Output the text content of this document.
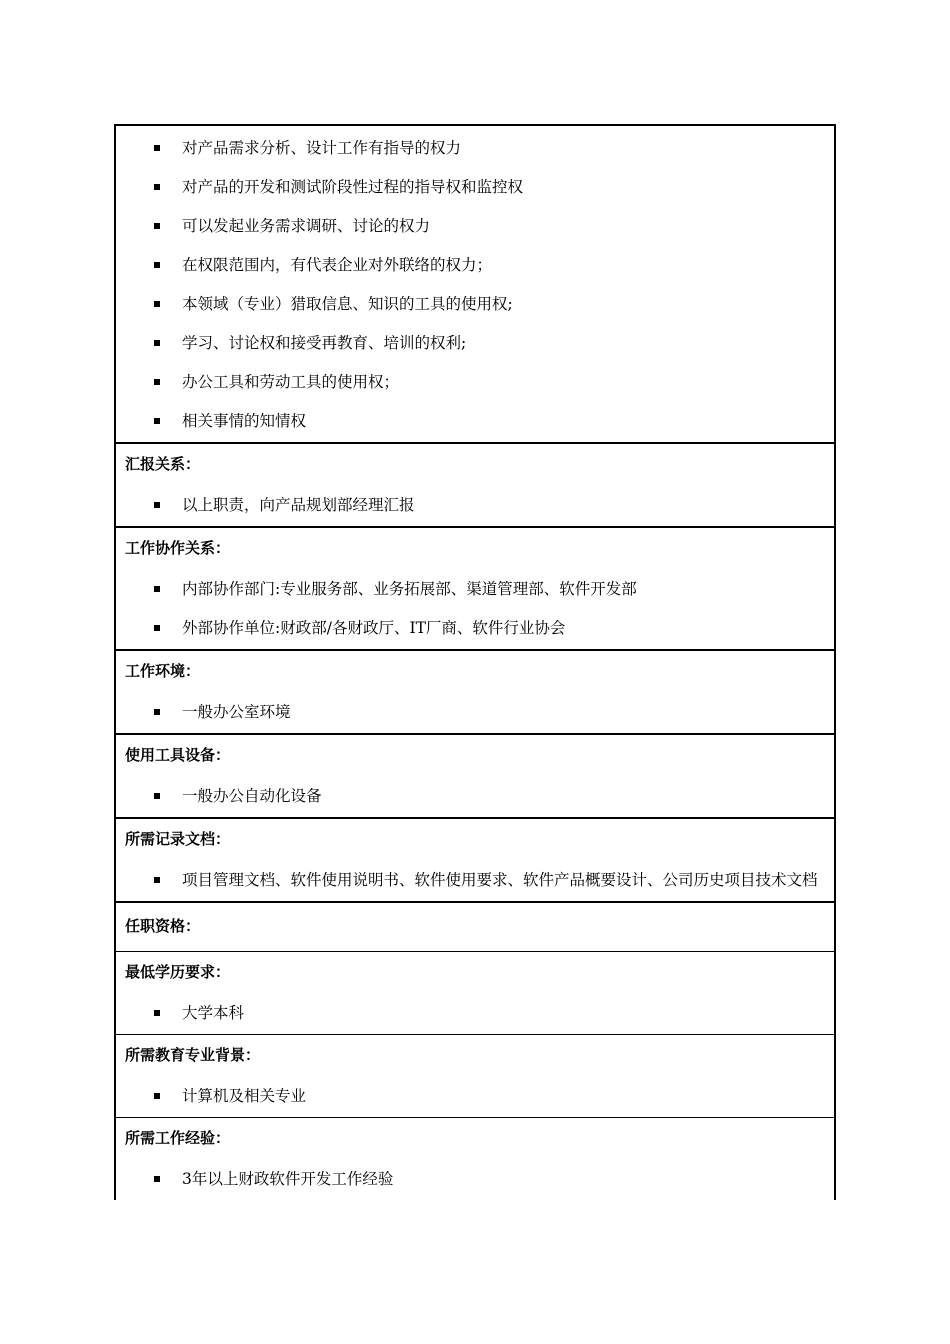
对产品需求分析、设计工作有指导的权力
对产品的开发和测试阶段性过程的指导权和监控权
可以发起业务需求调研、讨论的权力
在权限范围内，有代表企业对外联络的权力；
本领域（专业）猎取信息、知识的工具的使用权;
学习、讨论权和接受再教育、培训的权利;
办公工具和劳动工具的使用权；
相关事情的知情权
汇报关系：
以上职责，向产品规划部经理汇报
工作协作关系：
内部协作部门:专业服务部、业务拓展部、渠道管理部、软件开发部
外部协作单位:财政部/各财政厅、IT厂商、软件行业协会
工作环境：
一般办公室环境
使用工具设备：
一般办公自动化设备
所需记录文档：
项目管理文档、软件使用说明书、软件使用要求、软件产品概要设计、公司历史项目技术文档
任职资格：
最低学历要求：
大学本科
所需教育专业背景：
计算机及相关专业
所需工作经验：
3年以上财政软件开发工作经验
